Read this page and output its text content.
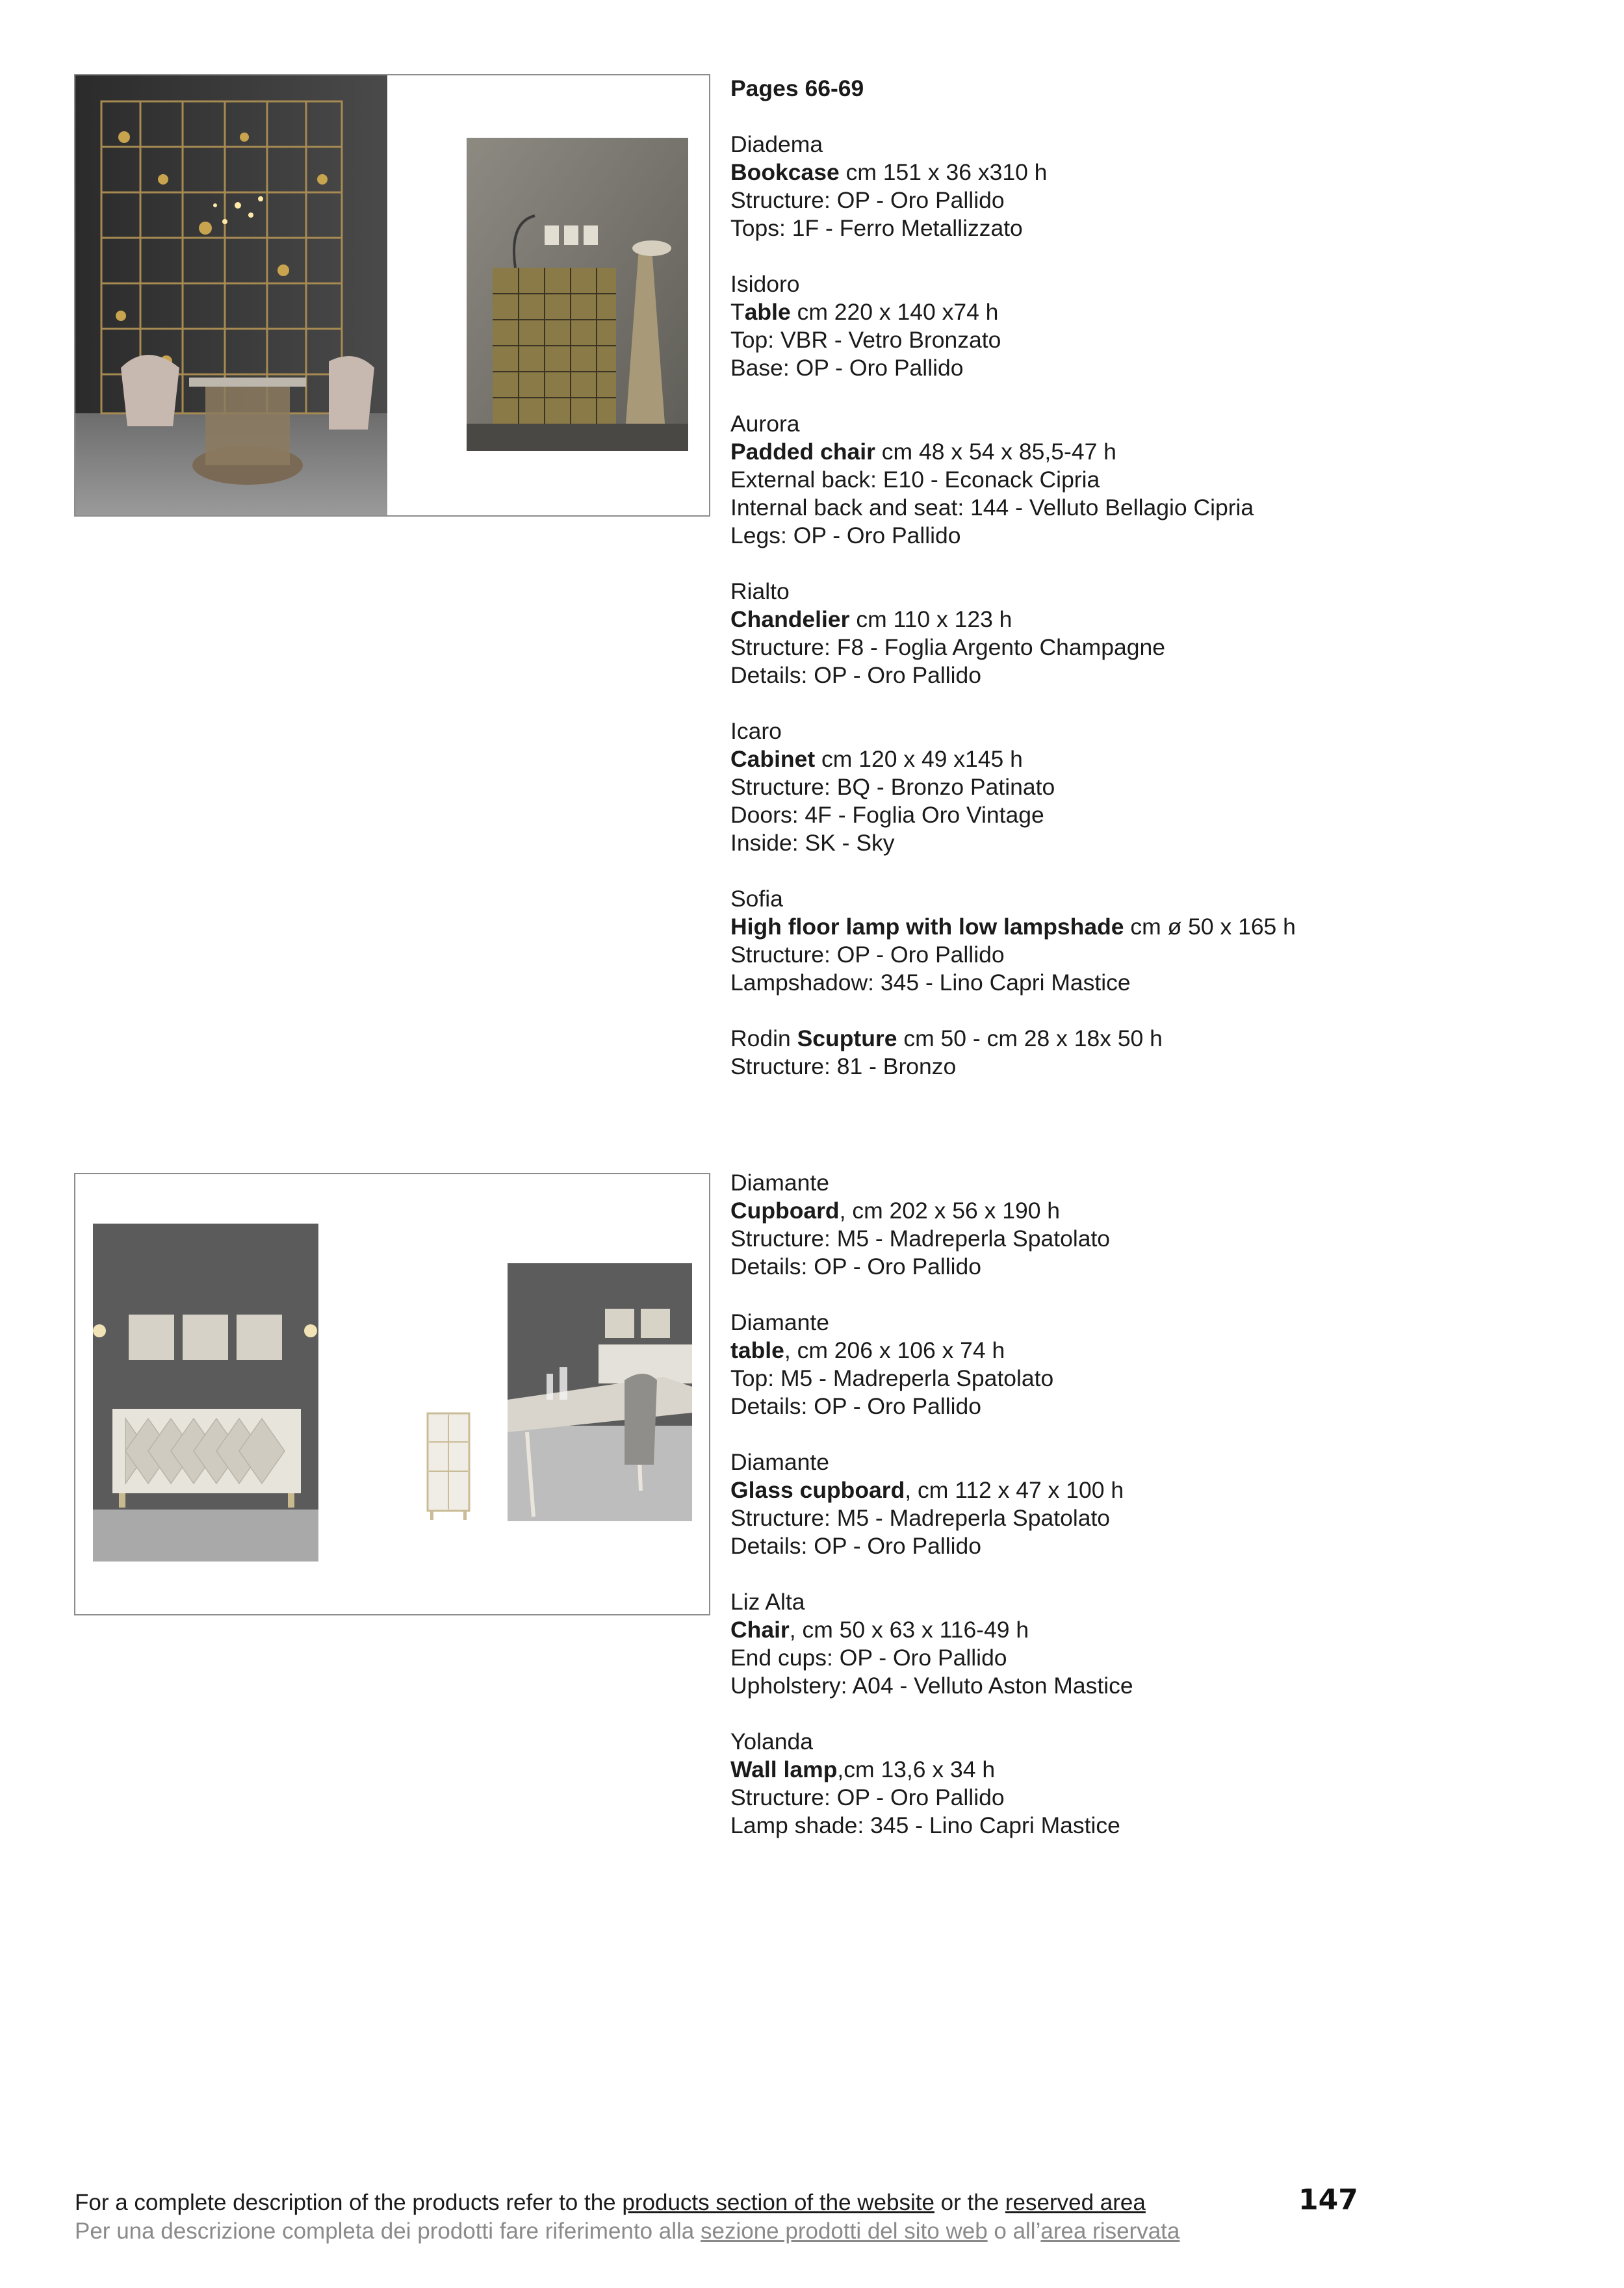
Pages 66-69
Diadema
Bookcase cm 151 x 36 x310 h
Structure: OP - Oro Pallido
Tops: 1F - Ferro Metallizzato
Isidoro
Table cm 220 x 140 x74 h
Top: VBR - Vetro Bronzato
Base: OP - Oro Pallido
Aurora
Padded chair cm 48 x 54 x 85,5-47 h
External back: E10 - Econack Cipria
Internal back and seat: 144 - Velluto Bellagio Cipria
Legs: OP - Oro Pallido
Rialto
Chandelier cm 110 x 123 h
Structure: F8 - Foglia Argento Champagne
Details: OP - Oro Pallido
Icaro
Cabinet cm 120 x 49 x145 h
Structure: BQ - Bronzo Patinato
Doors: 4F - Foglia Oro Vintage
Inside: SK - Sky
Sofia
High floor lamp with low lampshade cm ø 50 x 165 h
Structure: OP - Oro Pallido
Lampshadow: 345 - Lino Capri Mastice
Rodin Scupture cm 50 - cm 28 x 18x 50 h
Structure: 81 - Bronzo
Diamante
Cupboard, cm 202 x 56 x 190 h
Structure: M5 - Madreperla Spatolato
Details: OP - Oro Pallido
Diamante
table, cm 206 x 106 x 74 h
Top: M5 - Madreperla Spatolato
Details: OP - Oro Pallido
Diamante
Glass cupboard, cm 112 x 47 x 100 h
Structure: M5 - Madreperla Spatolato
Details: OP - Oro Pallido
Liz Alta
Chair, cm 50 x 63 x 116-49 h
End cups: OP - Oro Pallido
Upholstery: A04 - Velluto Aston Mastice
Yolanda
Wall lamp,cm 13,6 x 34 h
Structure: OP - Oro Pallido
Lamp shade: 345 - Lino Capri Mastice
For a complete description of the products refer to the products section of the website or the reserved area
Per una descrizione completa dei prodotti fare riferimento alla sezione prodotti del sito web o all’area riservata
147
